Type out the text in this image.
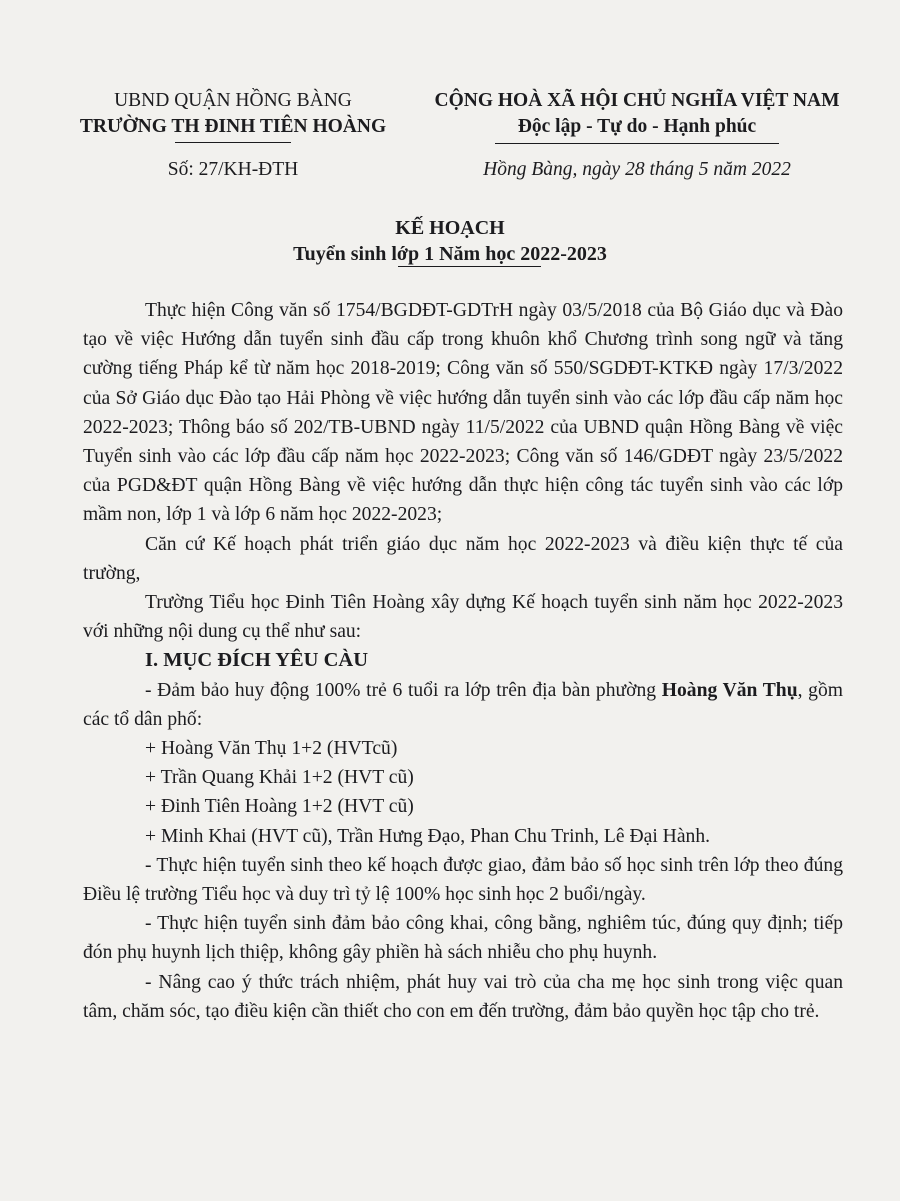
UBND QUẬN HỒNG BÀNG
TRƯỜNG TH ĐINH TIÊN HOÀNG
CỘNG HOÀ XÃ HỘI CHỦ NGHĨA VIỆT NAM
Độc lập - Tự do - Hạnh phúc
Số: 27/KH-ĐTH	Hồng Bàng, ngày 28 tháng 5 năm 2022
KẾ HOẠCH
Tuyển sinh lớp 1 Năm học 2022-2023

Thực hiện Công văn số 1754/BGDĐT-GDTrH ngày 03/5/2018 của Bộ Giáo dục và Đào tạo về việc Hướng dẫn tuyển sinh đầu cấp trong khuôn khổ Chương trình song ngữ và tăng cường tiếng Pháp kể từ năm học 2018-2019; Công văn số 550/SGDĐT-KTKĐ ngày 17/3/2022 của Sở Giáo dục Đào tạo Hải Phòng về việc hướng dẫn tuyển sinh vào các lớp đầu cấp năm học 2022-2023; Thông báo số 202/TB-UBND ngày 11/5/2022 của UBND quận Hồng Bàng về việc Tuyển sinh vào các lớp đầu cấp năm học 2022-2023; Công văn số 146/GDĐT ngày 23/5/2022 của PGD&ĐT quận Hồng Bàng về việc hướng dẫn thực hiện công tác tuyển sinh vào các lớp mầm non, lớp 1 và lớp 6 năm học 2022-2023;

Căn cứ Kế hoạch phát triển giáo dục năm học 2022-2023 và điều kiện thực tế của trường,

Trường Tiểu học Đinh Tiên Hoàng xây dựng Kế hoạch tuyển sinh năm học 2022-2023 với những nội dung cụ thể như sau:

I. MỤC ĐÍCH YÊU CÀU

- Đảm bảo huy động 100% trẻ 6 tuổi ra lớp trên địa bàn phường Hoàng Văn Thụ, gồm các tổ dân phố:

+ Hoàng Văn Thụ 1+2 (HVTcũ)

+ Trần Quang Khải 1+2 (HVT cũ)

+ Đinh Tiên Hoàng 1+2 (HVT cũ)

+ Minh Khai (HVT cũ), Trần Hưng Đạo, Phan Chu Trinh, Lê Đại Hành.

- Thực hiện tuyển sinh theo kế hoạch được giao, đảm bảo số học sinh trên lớp theo đúng Điều lệ trường Tiểu học và duy trì tỷ lệ 100% học sinh học 2 buổi/ngày.

- Thực hiện tuyển sinh đảm bảo công khai, công bằng, nghiêm túc, đúng quy định; tiếp đón phụ huynh lịch thiệp, không gây phiền hà sách nhiễu cho phụ huynh.

- Nâng cao ý thức trách nhiệm, phát huy vai trò của cha mẹ học sinh trong việc quan tâm, chăm sóc, tạo điều kiện cần thiết cho con em đến trường, đảm bảo quyền học tập cho trẻ.
